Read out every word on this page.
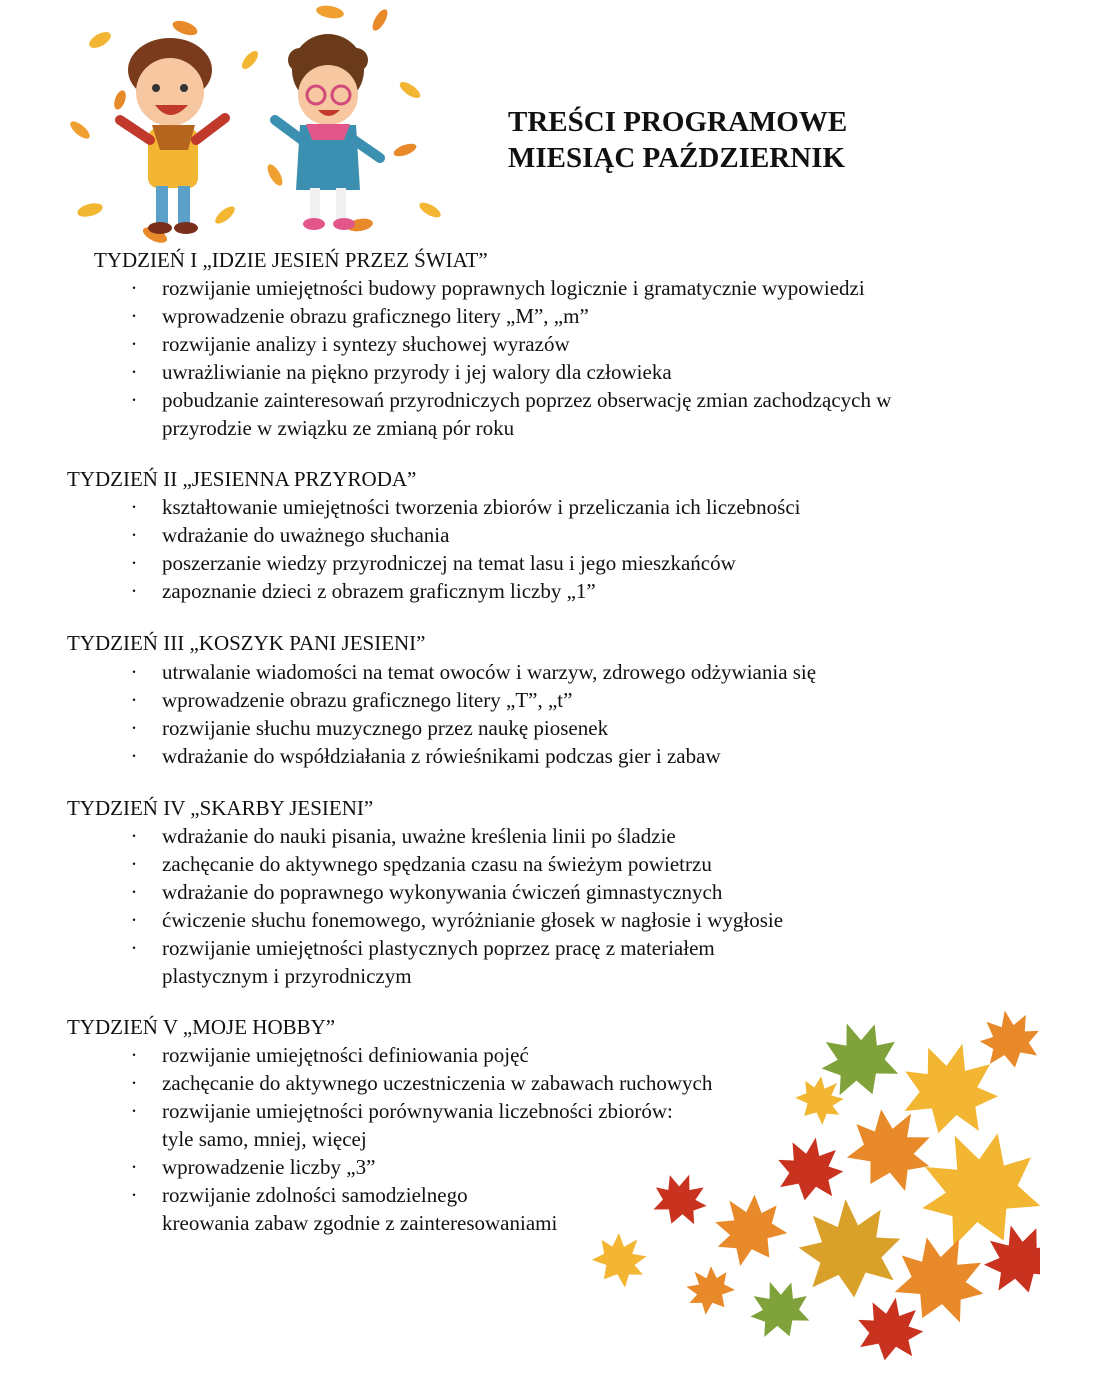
TREŚCI PROGRAMOWE
MIESIĄC PAŹDZIERNIK
TYDZIEŃ I „IDZIE JESIEŃ PRZEZ ŚWIAT”
· rozwijanie umiejętności budowy poprawnych logicznie i gramatycznie wypowiedzi
· wprowadzenie obrazu graficznego litery „M”, „m”
· rozwijanie analizy i syntezy słuchowej wyrazów
· uwrażliwianie na piękno przyrody i jej walory dla człowieka
· pobudzanie zainteresowań przyrodniczych poprzez obserwację zmian zachodzących w
przyrodzie w związku ze zmianą pór roku
TYDZIEŃ II „JESIENNA PRZYRODA”
· kształtowanie umiejętności tworzenia zbiorów i przeliczania ich liczebności
· wdrażanie do uważnego słuchania
· poszerzanie wiedzy przyrodniczej na temat lasu i jego mieszkańców
· zapoznanie dzieci z obrazem graficznym liczby „1”
TYDZIEŃ III „KOSZYK PANI JESIENI”
· utrwalanie wiadomości na temat owoców i warzyw, zdrowego odżywiania się
· wprowadzenie obrazu graficznego litery „T”, „t”
· rozwijanie słuchu muzycznego przez naukę piosenek
· wdrażanie do współdziałania z rówieśnikami podczas gier i zabaw
TYDZIEŃ IV „SKARBY JESIENI”
· wdrażanie do nauki pisania, uważne kreślenia linii po śladzie
· zachęcanie do aktywnego spędzania czasu na świeżym powietrzu
· wdrażanie do poprawnego wykonywania ćwiczeń gimnastycznych
· ćwiczenie słuchu fonemowego, wyróżnianie głosek w nagłosie i wygłosie
· rozwijanie umiejętności plastycznych poprzez pracę z materiałem
plastycznym i przyrodniczym
TYDZIEŃ V „MOJE HOBBY”
· rozwijanie umiejętności definiowania pojęć
· zachęcanie do aktywnego uczestniczenia w zabawach ruchowych
· rozwijanie umiejętności porównywania liczebności zbiorów:
tyle samo, mniej, więcej
· wprowadzenie liczby „3”
· rozwijanie zdolności samodzielnego
kreowania zabaw zgodnie z zainteresowaniami
